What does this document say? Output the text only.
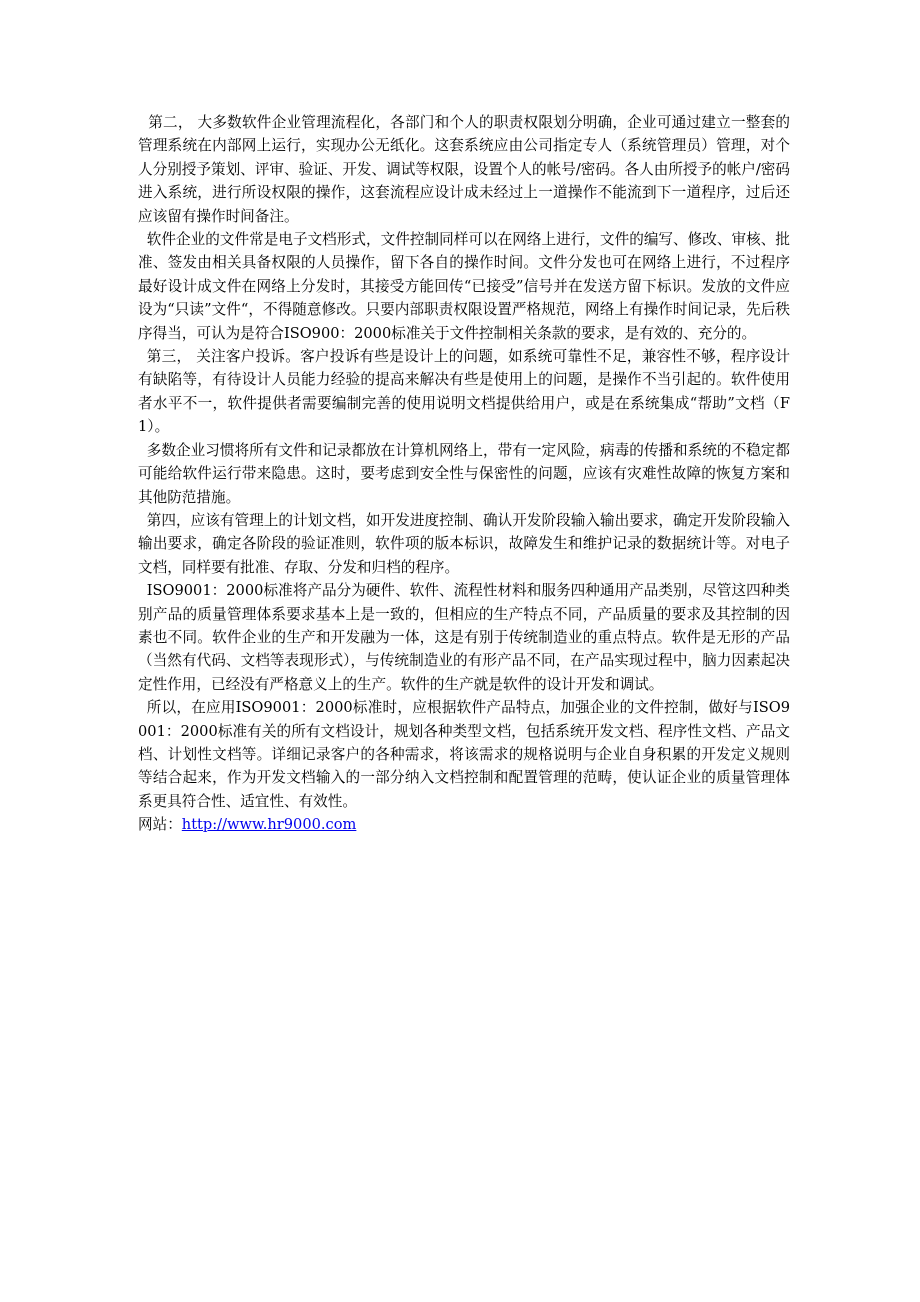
第二， 大多数软件企业管理流程化，各部门和个人的职责权限划分明确，企业可通过建立一整套的管理系统在内部网上运行，实现办公无纸化。这套系统应由公司指定专人（系统管理员）管理，对个人分别授予策划、评审、验证、开发、调试等权限，设置个人的帐号/密码。各人由所授予的帐户/密码进入系统，进行所设权限的操作，这套流程应设计成未经过上一道操作不能流到下一道程序，过后还应该留有操作时间备注。

软件企业的文件常是电子文档形式，文件控制同样可以在网络上进行，文件的编写、修改、审核、批准、签发由相关具备权限的人员操作，留下各自的操作时间。文件分发也可在网络上进行，不过程序最好设计成文件在网络上分发时，其接受方能回传“已接受”信号并在发送方留下标识。发放的文件应设为“只读”文件“，不得随意修改。只要内部职责权限设置严格规范，网络上有操作时间记录，先后秩序得当，可认为是符合ISO900：2000标准关于文件控制相关条款的要求，是有效的、充分的。

第三， 关注客户投诉。客户投诉有些是设计上的问题，如系统可靠性不足，兼容性不够，程序设计有缺陷等，有待设计人员能力经验的提高来解决有些是使用上的问题，是操作不当引起的。软件使用者水平不一，软件提供者需要编制完善的使用说明文档提供给用户，或是在系统集成“帮助”文档（F1）。

多数企业习惯将所有文件和记录都放在计算机网络上，带有一定风险，病毒的传播和系统的不稳定都可能给软件运行带来隐患。这时，要考虑到安全性与保密性的问题，应该有灾难性故障的恢复方案和其他防范措施。

第四，应该有管理上的计划文档，如开发进度控制、确认开发阶段输入输出要求，确定开发阶段输入输出要求，确定各阶段的验证准则，软件项的版本标识，故障发生和维护记录的数据统计等。对电子文档，同样要有批准、存取、分发和归档的程序。

ISO9001：2000标准将产品分为硬件、软件、流程性材料和服务四种通用产品类别，尽管这四种类别产品的质量管理体系要求基本上是一致的，但相应的生产特点不同，产品质量的要求及其控制的因素也不同。软件企业的生产和开发融为一体，这是有别于传统制造业的重点特点。软件是无形的产品（当然有代码、文档等表现形式），与传统制造业的有形产品不同，在产品实现过程中，脑力因素起决定性作用，已经没有严格意义上的生产。软件的生产就是软件的设计开发和调试。

所以，在应用ISO9001：2000标准时，应根据软件产品特点，加强企业的文件控制，做好与ISO9001：2000标准有关的所有文档设计，规划各种类型文档，包括系统开发文档、程序性文档、产品文档、计划性文档等。详细记录客户的各种需求，将该需求的规格说明与企业自身积累的开发定义规则等结合起来，作为开发文档输入的一部分纳入文档控制和配置管理的范畴，使认证企业的质量管理体系更具符合性、适宜性、有效性。

网站：http://www.hr9000.com
